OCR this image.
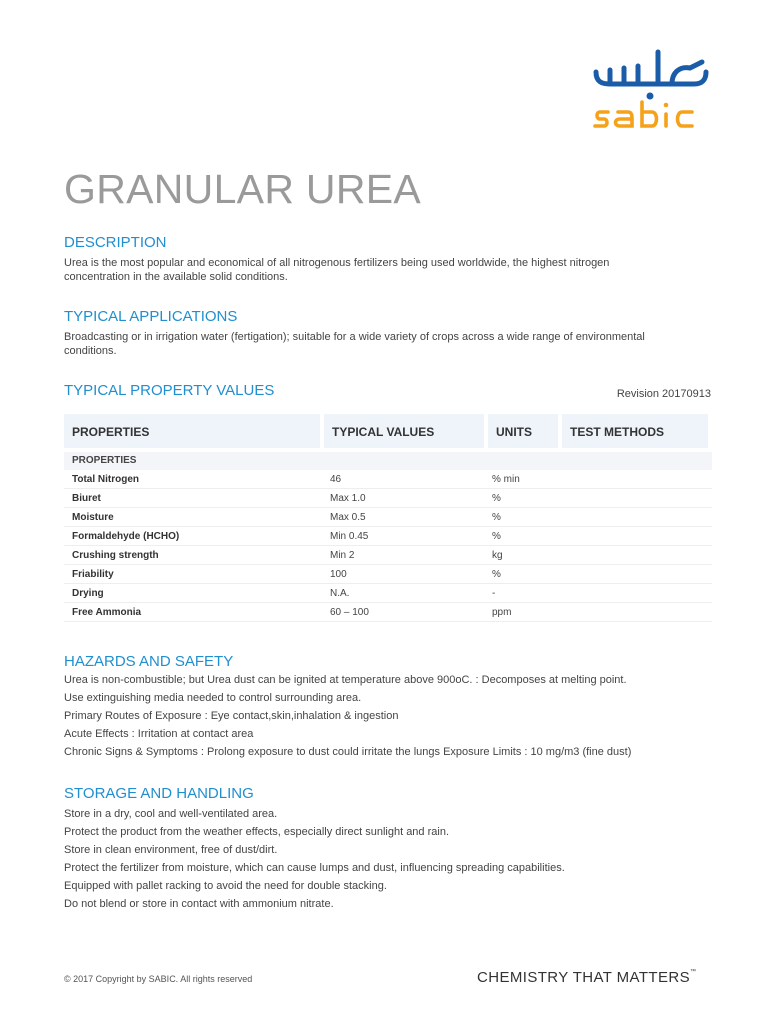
GRANULAR UREA
DESCRIPTION
Urea is the most popular and economical of all nitrogenous fertilizers being used worldwide, the highest nitrogen
concentration in the available solid conditions.
TYPICAL APPLICATIONS
Broadcasting or in irrigation water (fertigation); suitable for a wide variety of crops across a wide range of environmental
conditions.
TYPICAL PROPERTY VALUES	Revision 20170913
PROPERTIES	TYPICAL VALUES	UNITS	TEST METHODS
PROPERTIES
Total Nitrogen	46	% min
Biuret	Max 1.0	%
Moisture	Max 0.5	%
Formaldehyde (HCHO)	Min 0.45	%
Crushing strength	Min 2	kg
Friability	100	%
Drying	N.A.	-
Free Ammonia	60 – 100	ppm
HAZARDS AND SAFETY
Urea is non-combustible; but Urea dust can be ignited at temperature above 900oC. : Decomposes at melting point.
Use extinguishing media needed to control surrounding area.
Primary Routes of Exposure : Eye contact,skin,inhalation & ingestion
Acute Effects : Irritation at contact area
Chronic Signs & Symptoms : Prolong exposure to dust could irritate the lungs Exposure Limits : 10 mg/m3 (fine dust)
STORAGE AND HANDLING
Store in a dry, cool and well-ventilated area.
Protect the product from the weather effects, especially direct sunlight and rain.
Store in clean environment, free of dust/dirt.
Protect the fertilizer from moisture, which can cause lumps and dust, influencing spreading capabilities.
Equipped with pallet racking to avoid the need for double stacking.
Do not blend or store in contact with ammonium nitrate.
© 2017 Copyright by SABIC. All rights reserved	CHEMISTRY THAT MATTERS™
